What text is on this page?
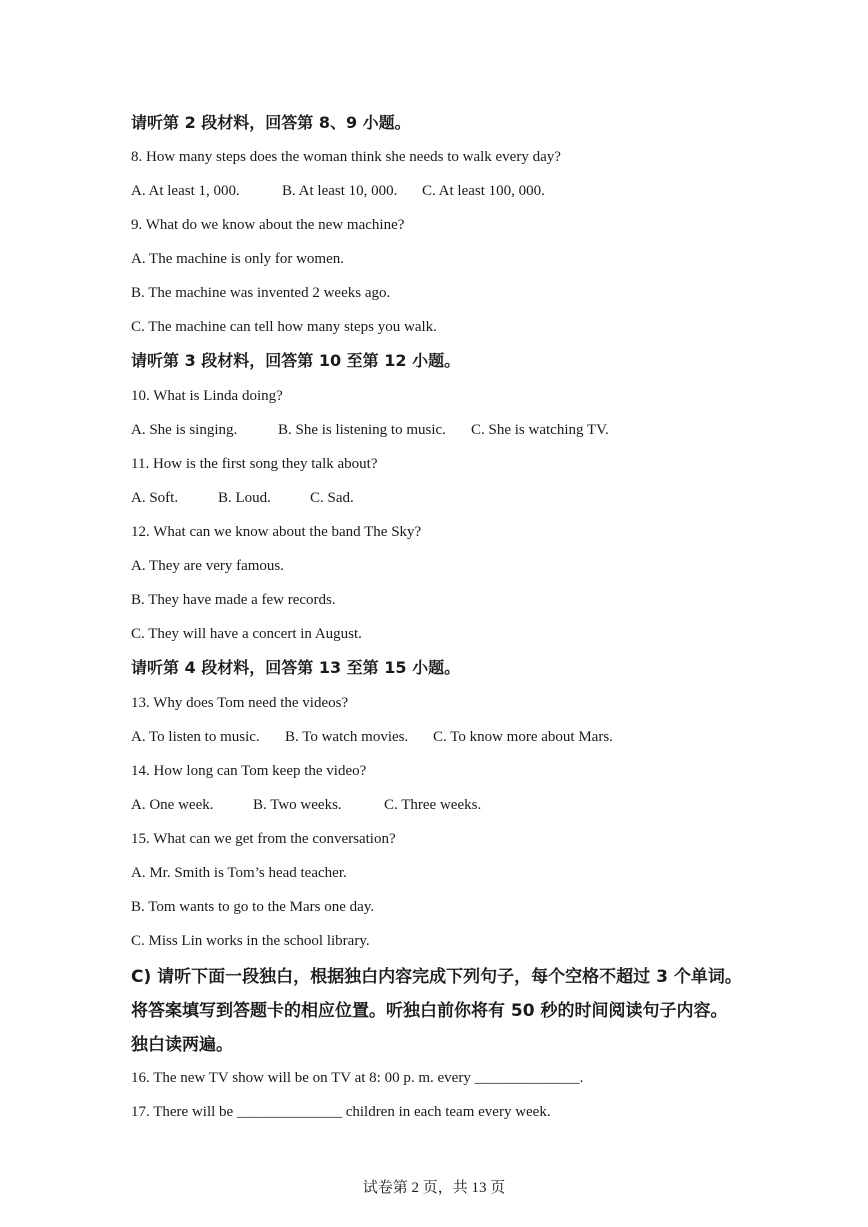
请听第 2 段材料，回答第 8、9 小题。
8. How many steps does the woman think she needs to walk every day?
A. At least 1, 000.	B. At least 10, 000. C. At least 100, 000.
9. What do we know about the new machine?
A. The machine is only for women.
B. The machine was invented 2 weeks ago.
C. The machine can tell how many steps you walk.
请听第 3 段材料，回答第 10 至第 12 小题。
10. What is Linda doing?
A. She is singing.	B. She is listening to music. C. She is watching TV.
11. How is the first song they talk about?
A. Soft.	B. Loud.	C. Sad.
12. What can we know about the band The Sky?
A. They are very famous.
B. They have made a few records.
C. They will have a concert in August.
请听第 4 段材料，回答第 13 至第 15 小题。
13. Why does Tom need the videos?
A. To listen to music. B. To watch movies. C. To know more about Mars.
14. How long can Tom keep the video?
A. One week.	B. Two weeks.	C. Three weeks.
15. What can we get from the conversation?
A. Mr. Smith is Tom’s head teacher.
B. Tom wants to go to the Mars one day.
C. Miss Lin works in the school library.
C) 请听下面一段独白，根据独白内容完成下列句子，每个空格不超过 3 个单词。
将答案填写到答题卡的相应位置。听独白前你将有 50 秒的时间阅读句子内容。
独白读两遍。
16. The new TV show will be on TV at 8: 00 p. m. every ______________.
17. There will be ______________ children in each team every week.
试卷第 2 页，共 13 页
